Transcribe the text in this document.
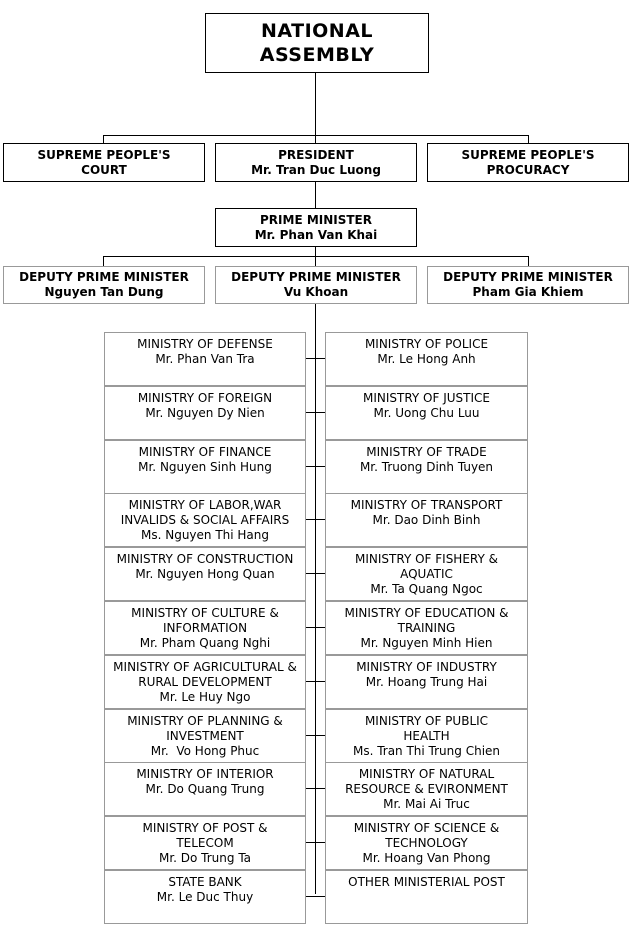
NATIONAL
ASSEMBLY
SUPREME PEOPLE'S
COURT
PRESIDENT
Mr. Tran Duc Luong
SUPREME PEOPLE'S
PROCURACY
PRIME MINISTER
Mr. Phan Van Khai
DEPUTY PRIME MINISTER
Nguyen Tan Dung
DEPUTY PRIME MINISTER
Vu Khoan
DEPUTY PRIME MINISTER
Pham Gia Khiem
MINISTRY OF DEFENSE
Mr. Phan Van Tra
MINISTRY OF FOREIGN
Mr. Nguyen Dy Nien
MINISTRY OF FINANCE
Mr. Nguyen Sinh Hung
MINISTRY OF LABOR,WAR
INVALIDS & SOCIAL AFFAIRS
Ms. Nguyen Thi Hang
MINISTRY OF CONSTRUCTION
Mr. Nguyen Hong Quan
MINISTRY OF CULTURE &
INFORMATION
Mr. Pham Quang Nghi
MINISTRY OF AGRICULTURAL &
RURAL DEVELOPMENT
Mr. Le Huy Ngo
MINISTRY OF PLANNING &
INVESTMENT
Mr.  Vo Hong Phuc
MINISTRY OF INTERIOR
Mr. Do Quang Trung
MINISTRY OF POST &
TELECOM
Mr. Do Trung Ta
STATE BANK
Mr. Le Duc Thuy
MINISTRY OF POLICE
Mr. Le Hong Anh
MINISTRY OF JUSTICE
Mr. Uong Chu Luu
MINISTRY OF TRADE
Mr. Truong Dinh Tuyen
MINISTRY OF TRANSPORT
Mr. Dao Dinh Binh
MINISTRY OF FISHERY &
AQUATIC
Mr. Ta Quang Ngoc
MINISTRY OF EDUCATION &
TRAINING
Mr. Nguyen Minh Hien
MINISTRY OF INDUSTRY
Mr. Hoang Trung Hai
MINISTRY OF PUBLIC
HEALTH
Ms. Tran Thi Trung Chien
MINISTRY OF NATURAL
RESOURCE & EVIRONMENT
Mr. Mai Ai Truc
MINISTRY OF SCIENCE &
TECHNOLOGY
Mr. Hoang Van Phong
OTHER MINISTERIAL POST
